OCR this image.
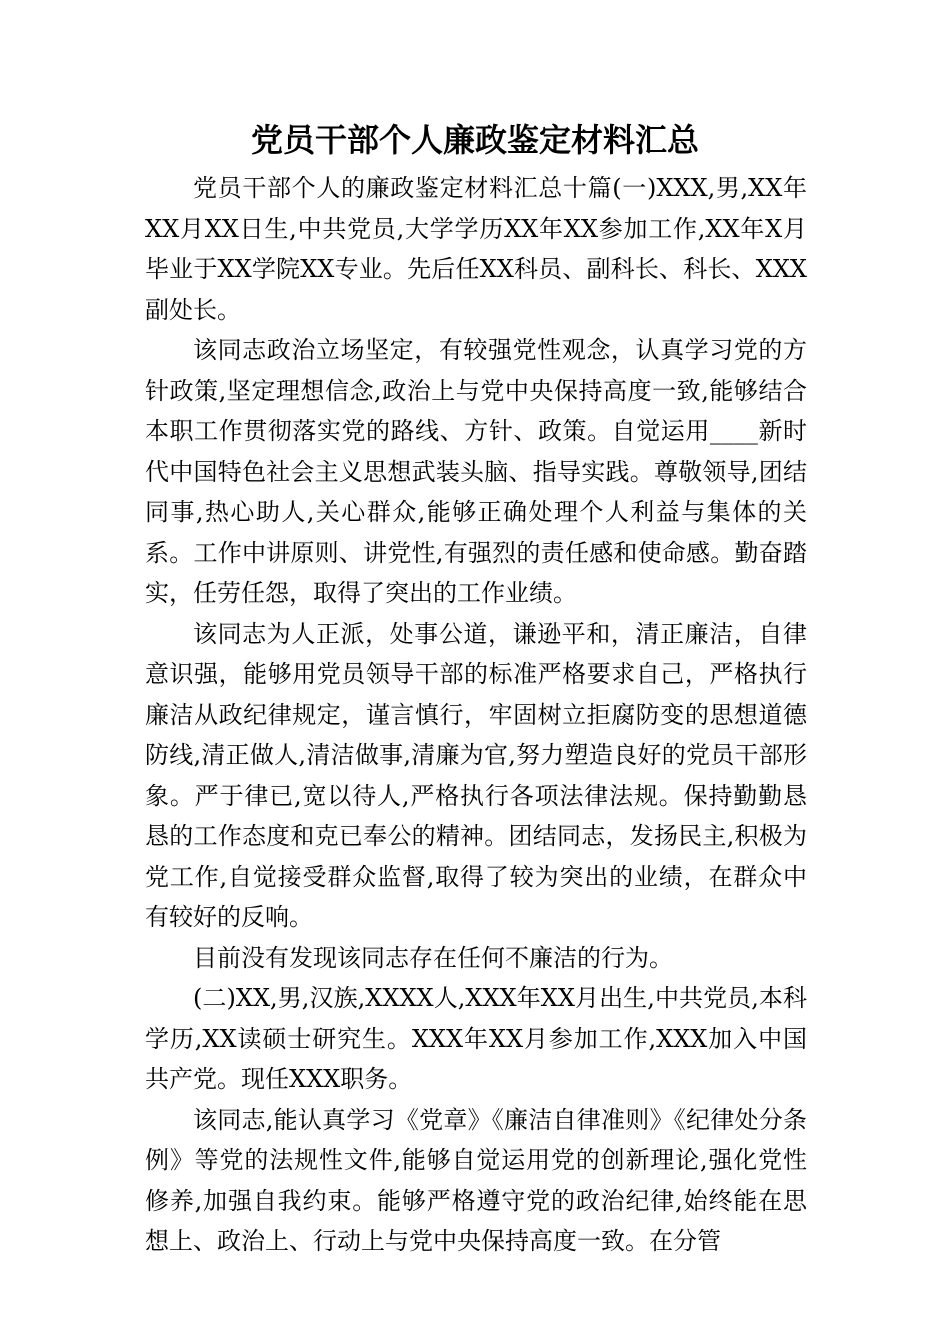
党员干部个人廉政鉴定材料汇总

党员干部个人的廉政鉴定材料汇总十篇(一)XXX,男,XX年XX月XX日生,中共党员,大学学历XX年XX参加工作,XX年X月毕业于XX学院XX专业。先后任XX科员、副科长、科长、XXX副处长。

该同志政治立场坚定，有较强党性观念，认真学习党的方针政策,坚定理想信念,政治上与党中央保持高度一致,能够结合本职工作贯彻落实党的路线、方针、政策。自觉运用____新时代中国特色社会主义思想武装头脑、指导实践。尊敬领导,团结同事,热心助人,关心群众,能够正确处理个人利益与集体的关系。工作中讲原则、讲党性,有强烈的责任感和使命感。勤奋踏实，任劳任怨，取得了突出的工作业绩。

该同志为人正派，处事公道，谦逊平和，清正廉洁，自律意识强，能够用党员领导干部的标准严格要求自己，严格执行廉洁从政纪律规定，谨言慎行，牢固树立拒腐防变的思想道德防线,清正做人,清洁做事,清廉为官,努力塑造良好的党员干部形象。严于律已,宽以待人,严格执行各项法律法规。保持勤勤恳恳的工作态度和克已奉公的精神。团结同志，发扬民主,积极为党工作,自觉接受群众监督,取得了较为突出的业绩，在群众中有较好的反响。

目前没有发现该同志存在任何不廉洁的行为。

(二)XX,男,汉族,XXXX人,XXX年XX月出生,中共党员,本科学历,XX读硕士研究生。XXX年XX月参加工作,XXX加入中国共产党。现任XXX职务。

该同志,能认真学习《党章》《廉洁自律准则》《纪律处分条例》等党的法规性文件,能够自觉运用党的创新理论,强化党性修养,加强自我约束。能够严格遵守党的政治纪律,始终能在思想上、政治上、行动上与党中央保持高度一致。在分管
